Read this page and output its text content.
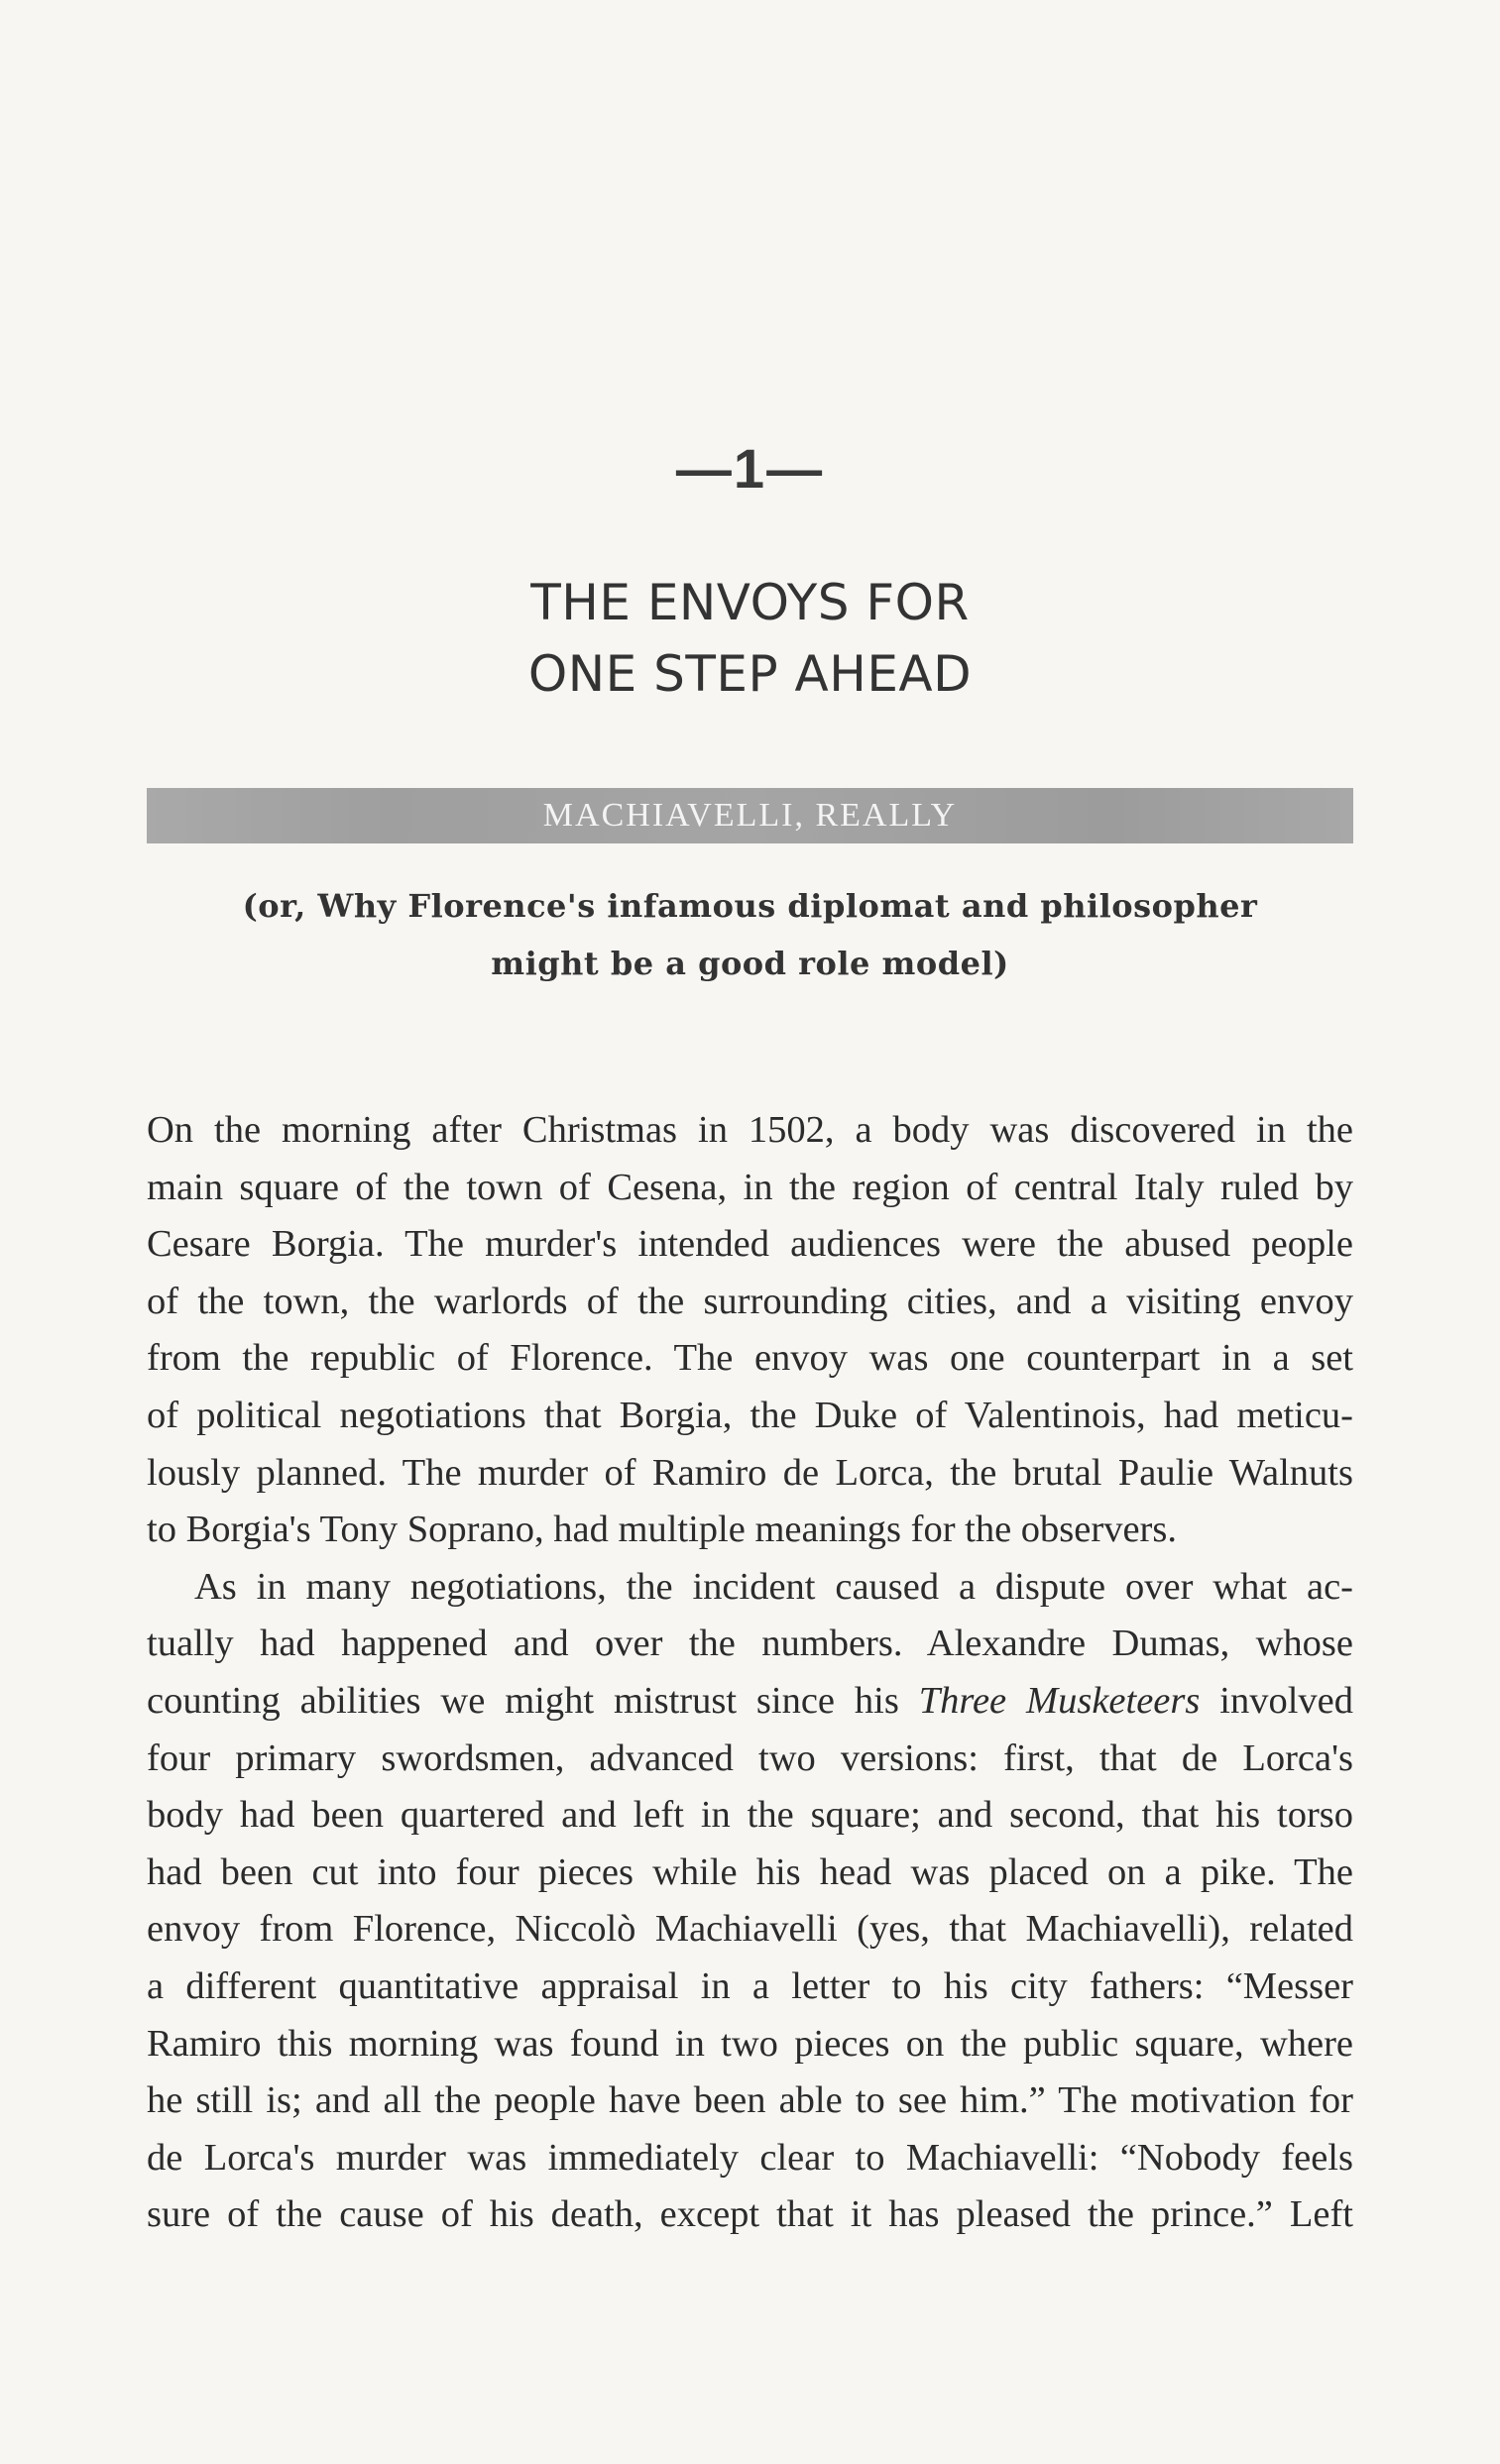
—1—
THE ENVOYS FOR
ONE STEP AHEAD
MACHIAVELLI, REALLY
(or, Why Florence's infamous diplomat and philosopher
might be a good role model)
On the morning after Christmas in 1502, a body was discovered in the
main square of the town of Cesena, in the region of central Italy ruled by
Cesare Borgia. The murder's intended audiences were the abused people
of the town, the warlords of the surrounding cities, and a visiting envoy
from the republic of Florence. The envoy was one counterpart in a set
of political negotiations that Borgia, the Duke of Valentinois, had meticu-
lously planned. The murder of Ramiro de Lorca, the brutal Paulie Walnuts
to Borgia's Tony Soprano, had multiple meanings for the observers.
As in many negotiations, the incident caused a dispute over what ac-
tually had happened and over the numbers. Alexandre Dumas, whose
counting abilities we might mistrust since his Three Musketeers involved
four primary swordsmen, advanced two versions: first, that de Lorca's
body had been quartered and left in the square; and second, that his torso
had been cut into four pieces while his head was placed on a pike. The
envoy from Florence, Niccolò Machiavelli (yes, that Machiavelli), related
a different quantitative appraisal in a letter to his city fathers: “Messer
Ramiro this morning was found in two pieces on the public square, where
he still is; and all the people have been able to see him.” The motivation for
de Lorca's murder was immediately clear to Machiavelli: “Nobody feels
sure of the cause of his death, except that it has pleased the prince.” Left
